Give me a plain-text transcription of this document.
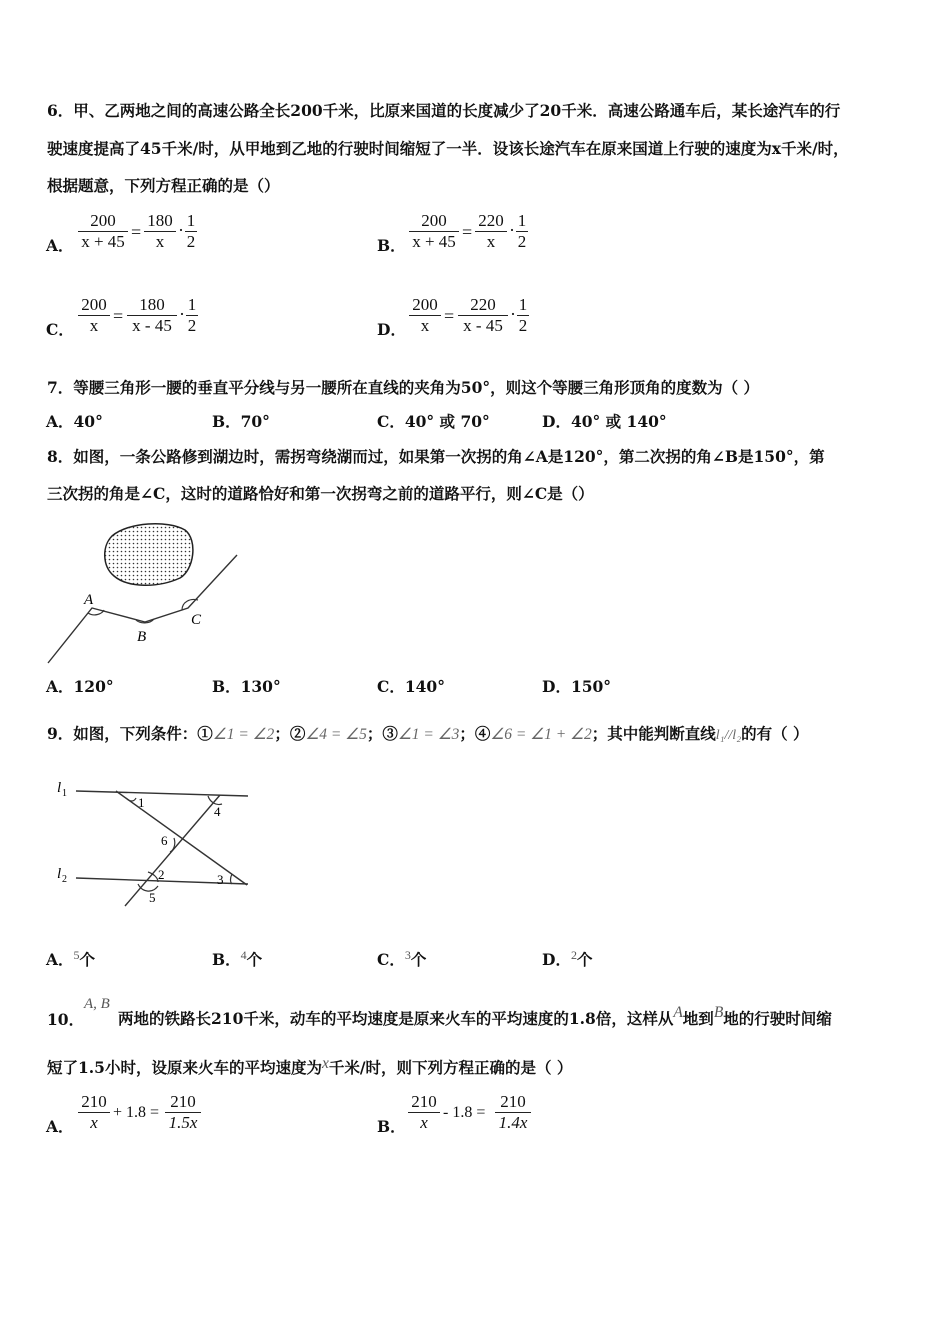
6．甲、乙两地之间的高速公路全长200千米，比原来国道的长度减少了20千米．高速公路通车后，某长途汽车的行
驶速度提高了45千米/时，从甲地到乙地的行驶时间缩短了一半．设该长途汽车在原来国道上行驶的速度为x千米/时，
根据题意，下列方程正确的是（）
A． $\frac{200}{x + 45} = \frac{180}{x} \cdot \frac{1}{2}$	B． $\frac{200}{x + 45} = \frac{220}{x} \cdot \frac{1}{2}$
C． $\frac{200}{x} = \frac{180}{x - 45} \cdot \frac{1}{2}$	D． $\frac{200}{x} = \frac{220}{x - 45} \cdot \frac{1}{2}$
7．等腰三角形一腰的垂直平分线与另一腰所在直线的夹角为50°，则这个等腰三角形顶角的度数为（ ）
A．40°	B．70°	C．40° 或 70°	D．40° 或 140°
8．如图，一条公路修到湖边时，需拐弯绕湖而过，如果第一次拐的角∠A是120°，第二次拐的角∠B是150°，第
三次拐的角是∠C，这时的道路恰好和第一次拐弯之前的道路平行，则∠C是（）
A
B
C
A．120°	B．130°	C．140°	D．150°
9．如图，下列条件：①∠1 = ∠2；②∠4 = ∠5；③∠1 = ∠3；④∠6 = ∠1 + ∠2；其中能判断直线l₁//l₂的有（ ）
l 1
l 2
1
4
6
2	3
5
A．$^5$个	B．$^4$个	C．$^3$个	D．$^2$个
10．
A, B
两地的铁路长210千米，动车的平均速度是原来火车的平均速度的1.8倍，这样从A地到B地的行驶时间缩
短了1.5小时，设原来火车的平均速度为x千米/时，则下列方程正确的是（ ）
A． $\frac{210}{x} + 1.8 = \frac{210}{1.5x}$	B． $\frac{210}{x} - 1.8 = \frac{210}{1.4x}$
